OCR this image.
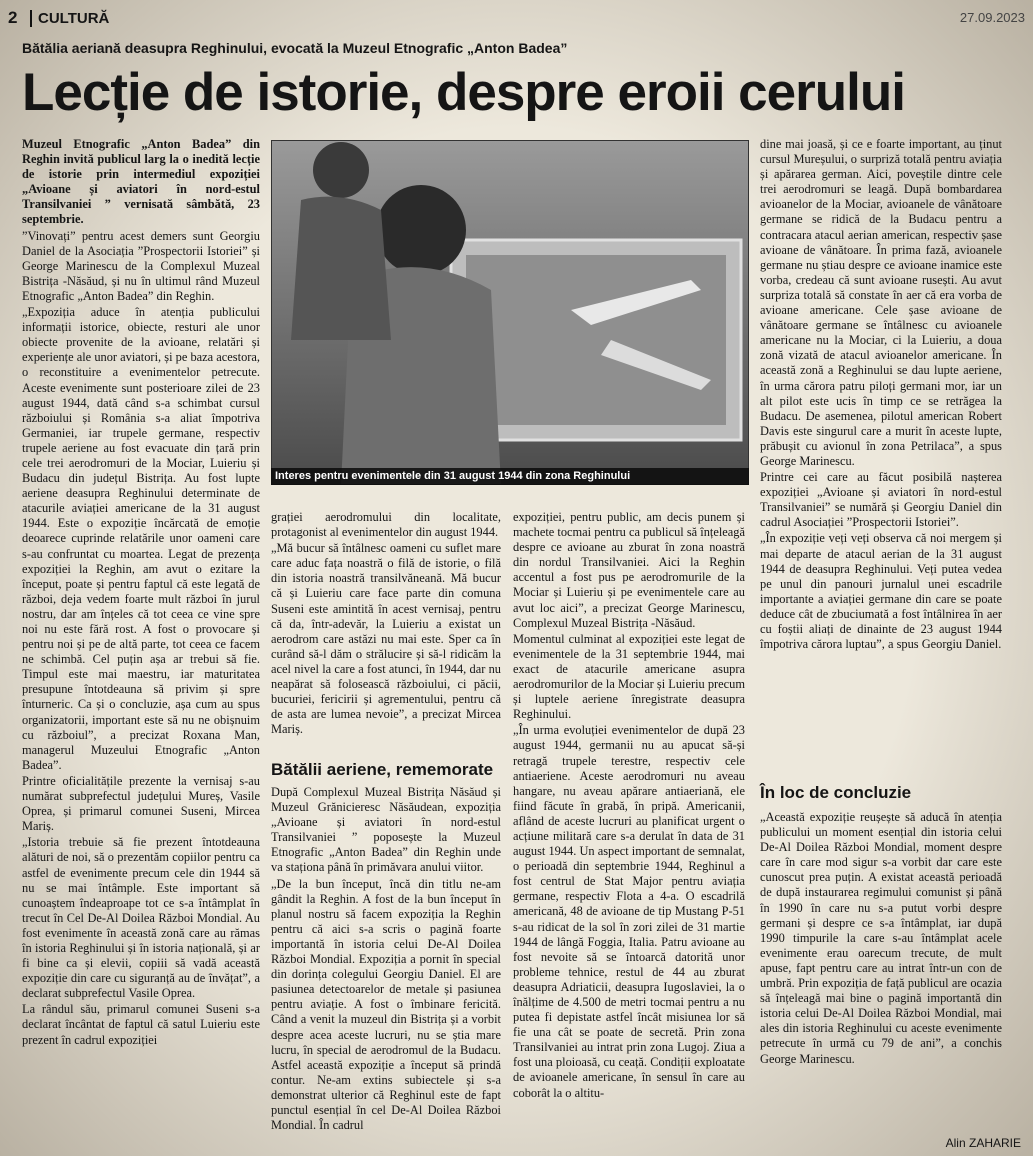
2	CULTURĂ	27.09.2023
Bătălia aeriană deasupra Reghinului, evocată la Muzeul Etnografic „Anton Badea”
Lecție de istorie, despre eroii cerului

Muzeul Etnografic „Anton Badea” din Reghin invită publicul larg la o inedită lecție de istorie prin intermediul expoziției „Avioane și aviatori în nord-estul Transilvaniei ” vernisată sâmbătă, 23 septembrie.

”Vinovați” pentru acest demers sunt Georgiu Daniel de la Asociația ”Prospectorii Istoriei” și George Marinescu de la Complexul Muzeal Bistrița -Năsăud, și nu în ultimul rând Muzeul Etnografic „Anton Badea” din Reghin.

„Expoziția aduce în atenția publicului informații istorice, obiecte, resturi ale unor obiecte provenite de la avioane, relatări și experiențe ale unor aviatori, și pe baza acestora, o reconstituire a evenimentelor petrecute. Aceste evenimente sunt posterioare zilei de 23 august 1944, dată când s-a schimbat cursul războiului și România s-a aliat împotriva Germaniei, iar trupele germane, respectiv trupele aeriene au fost evacuate din țară prin cele trei aerodromuri de la Mociar, Luieriu și Budacu din județul Bistrița. Au fost lupte aeriene deasupra Reghinului determinate de atacurile aviației americane de la 31 august 1944. Este o expoziție încărcată de emoție deoarece cuprinde relatările unor oameni care s-au confruntat cu moartea. Legat de prezența expoziției la Reghin, am avut o ezitare la început, poate și pentru faptul că este legată de război, deja vedem foarte mult război în jurul nostru, dar am înțeles că tot ceea ce vine spre noi nu este fără rost. A fost o provocare și pentru noi și pe de altă parte, tot ceea ce facem ne schimbă. Cel puțin așa ar trebui să fie. Timpul este mai maestru, iar maturitatea presupune întotdeauna să privim și spre înturneric. Ca și o concluzie, așa cum au spus organizatorii, important este să nu ne obișnuim cu războiul”, a precizat Roxana Man, managerul Muzeului Etnografic „Anton Badea”.

Printre oficialitățile prezente la vernisaj s-au numărat subprefectul județului Mureș, Vasile Oprea, și primarul comunei Suseni, Mircea Mariș.

„Istoria trebuie să fie prezent întotdeauna alături de noi, să o prezentăm copiilor pentru ca astfel de evenimente precum cele din 1944 să nu se mai întâmple. Este important să cunoaștem îndeaproape tot ce s-a întâmplat în trecut în Cel De-Al Doilea Război Mondial. Au fost evenimente în această zonă care au rămas în istoria Reghinului și în istoria națională, și ar fi bine ca și elevii, copiii să vadă această expoziție din care cu siguranță au de învățat”, a declarat subprefectul Vasile Oprea.

La rândul său, primarul comunei Suseni s-a declarat încântat de faptul că satul Luieriu este prezent în cadrul expoziției

Interes pentru evenimentele din 31 august 1944 din zona Reghinului

grației aerodromului din localitate, protagonist al evenimentelor din august 1944.

„Mă bucur să întâlnesc oameni cu suflet mare care aduc fața noastră o filă de istorie, o filă din istoria noastră transilvăneană. Mă bucur că și Luieriu care face parte din comuna Suseni este amintită în acest vernisaj, pentru că da, într-adevăr, la Luieriu a existat un aerodrom care astăzi nu mai este. Sper ca în curând să-l dăm o strălucire și să-l ridicăm la acel nivel la care a fost atunci, în 1944, dar nu neapărat să folosească războiului, ci păcii, bucuriei, fericirii și agrementului, pentru că de asta are lumea nevoie”, a precizat Mircea Mariș.

Bătălii aeriene, rememorate

După Complexul Muzeal Bistrița Năsăud și Muzeul Grănicieresc Năsăudean, expoziția „Avioane și aviatori în nord-estul Transilvaniei ” poposește la Muzeul Etnografic „Anton Badea” din Reghin unde va staționa până în primăvara anului viitor.

„De la bun început, încă din titlu ne-am gândit la Reghin. A fost de la bun început în planul nostru să facem expoziția la Reghin pentru că aici s-a scris o pagină foarte importantă în istoria celui De-Al Doilea Război Mondial. Expoziția a pornit în special din dorința colegului Georgiu Daniel. El are pasiunea detectoarelor de metale și pasiunea pentru aviație. A fost o îmbinare fericită. Când a venit la muzeul din Bistrița și a vorbit despre acea aceste lucruri, nu se știa mare lucru, în special de aerodromul de la Budacu. Astfel această expoziție a început să prindă contur. Ne-am extins subiectele și s-a demonstrat ulterior că Reghinul este de fapt punctul esențial în cel De-Al Doilea Război Mondial. În cadrul

expoziției, pentru public, am decis punem și machete tocmai pentru ca publicul să înțeleagă despre ce avioane au zburat în zona noastră din nordul Transilvaniei. Aici la Reghin accentul a fost pus pe aerodromurile de la Mociar și Luieriu și pe evenimentele care au avut loc aici”, a precizat George Marinescu, Complexul Muzeal Bistrița -Năsăud.

Momentul culminat al expoziției este legat de evenimentele de la 31 septembrie 1944, mai exact de atacurile americane asupra aerodromurilor de la Mociar și Luieriu precum și luptele aeriene înregistrate deasupra Reghinului.

„În urma evoluției evenimentelor de după 23 august 1944, germanii nu au apucat să-și retragă trupele terestre, respectiv cele antiaeriene. Aceste aerodromuri nu aveau hangare, nu aveau apărare antiaeriană, ele fiind făcute în grabă, în pripă. Americanii, aflând de aceste lucruri au planificat urgent o acțiune militară care s-a derulat în data de 31 august 1944. Un aspect important de semnalat, o perioadă din septembrie 1944, Reghinul a fost centrul de Stat Major pentru aviația germane, respectiv Flota a 4-a. O escadrilă americană, 48 de avioane de tip Mustang P-51 s-au ridicat de la sol în zori zilei de 31 martie 1944 de lângă Foggia, Italia. Patru avioane au fost nevoite să se întoarcă datorită unor probleme tehnice, restul de 44 au zburat deasupra Adriaticii, deasupra Iugoslaviei, la o înălțime de 4.500 de metri tocmai pentru a nu putea fi depistate astfel încât misiunea lor să fie una cât se poate de secretă. Prin zona Transilvaniei au intrat prin zona Lugoj. Ziua a fost una ploioasă, cu ceață. Condiții exploatate de avioanele americane, în sensul în care au coborât la o altitu-

dine mai joasă, și ce e foarte important, au ținut cursul Mureșului, o surpriză totală pentru aviația și apărarea german. Aici, poveștile dintre cele trei aerodromuri se leagă. După bombardarea avioanelor de la Mociar, avioanele de vânătoare germane se ridică de la Budacu pentru a contracara atacul aerian american, respectiv șase avioane de vânătoare. În prima fază, avioanele germane nu știau despre ce avioane inamice este vorba, credeau că sunt avioane rusești. Au avut surpriza totală să constate în aer că era vorba de avioane americane. Cele șase avioane de vânătoare germane se întâlnesc cu avioanele americane nu la Mociar, ci la Luieriu, a doua zonă vizată de atacul avioanelor americane. În această zonă a Reghinului se dau lupte aeriene, în urma cărora patru piloți germani mor, iar un alt pilot este ucis în timp ce se retrăgea la Budacu. De asemenea, pilotul american Robert Davis este singurul care a murit în aceste lupte, prăbușit cu avionul în zona Petrilaca”, a spus George Marinescu.

Printre cei care au făcut posibilă nașterea expoziției „Avioane și aviatori în nord-estul Transilvaniei” se numără și Georgiu Daniel din cadrul Asociației ”Prospectorii Istoriei”.

„În expoziție veți veți observa că noi mergem și mai departe de atacul aerian de la 31 august 1944 de deasupra Reghinului. Veți putea vedea pe unul din panouri jurnalul unei escadrile importante a aviației germane din care se poate deduce cât de zbuciumată a fost întâlnirea în aer cu foștii aliați de dinainte de 23 august 1944 împotriva cărora luptau”, a spus Georgiu Daniel.

În loc de concluzie

„Această expoziție reușește să aducă în atenția publicului un moment esențial din istoria celui De-Al Doilea Război Mondial, moment despre care în care mod sigur s-a vorbit dar care este cunoscut prea puțin. A existat această perioadă de după instaurarea regimului comunist și până în 1990 în care nu s-a putut vorbi despre germani și despre ce s-a întâmplat, iar după 1990 timpurile la care s-au întâmplat acele evenimente erau oarecum trecute, de mult apuse, fapt pentru care au intrat într-un con de umbră. Prin expoziția de față publicul are ocazia să înțeleagă mai bine o pagină importantă din istoria celui De-Al Doilea Război Mondial, mai ales din istoria Reghinului cu aceste evenimente petrecute în urmă cu 79 de ani”, a conchis George Marinescu.

Alin ZAHARIE
